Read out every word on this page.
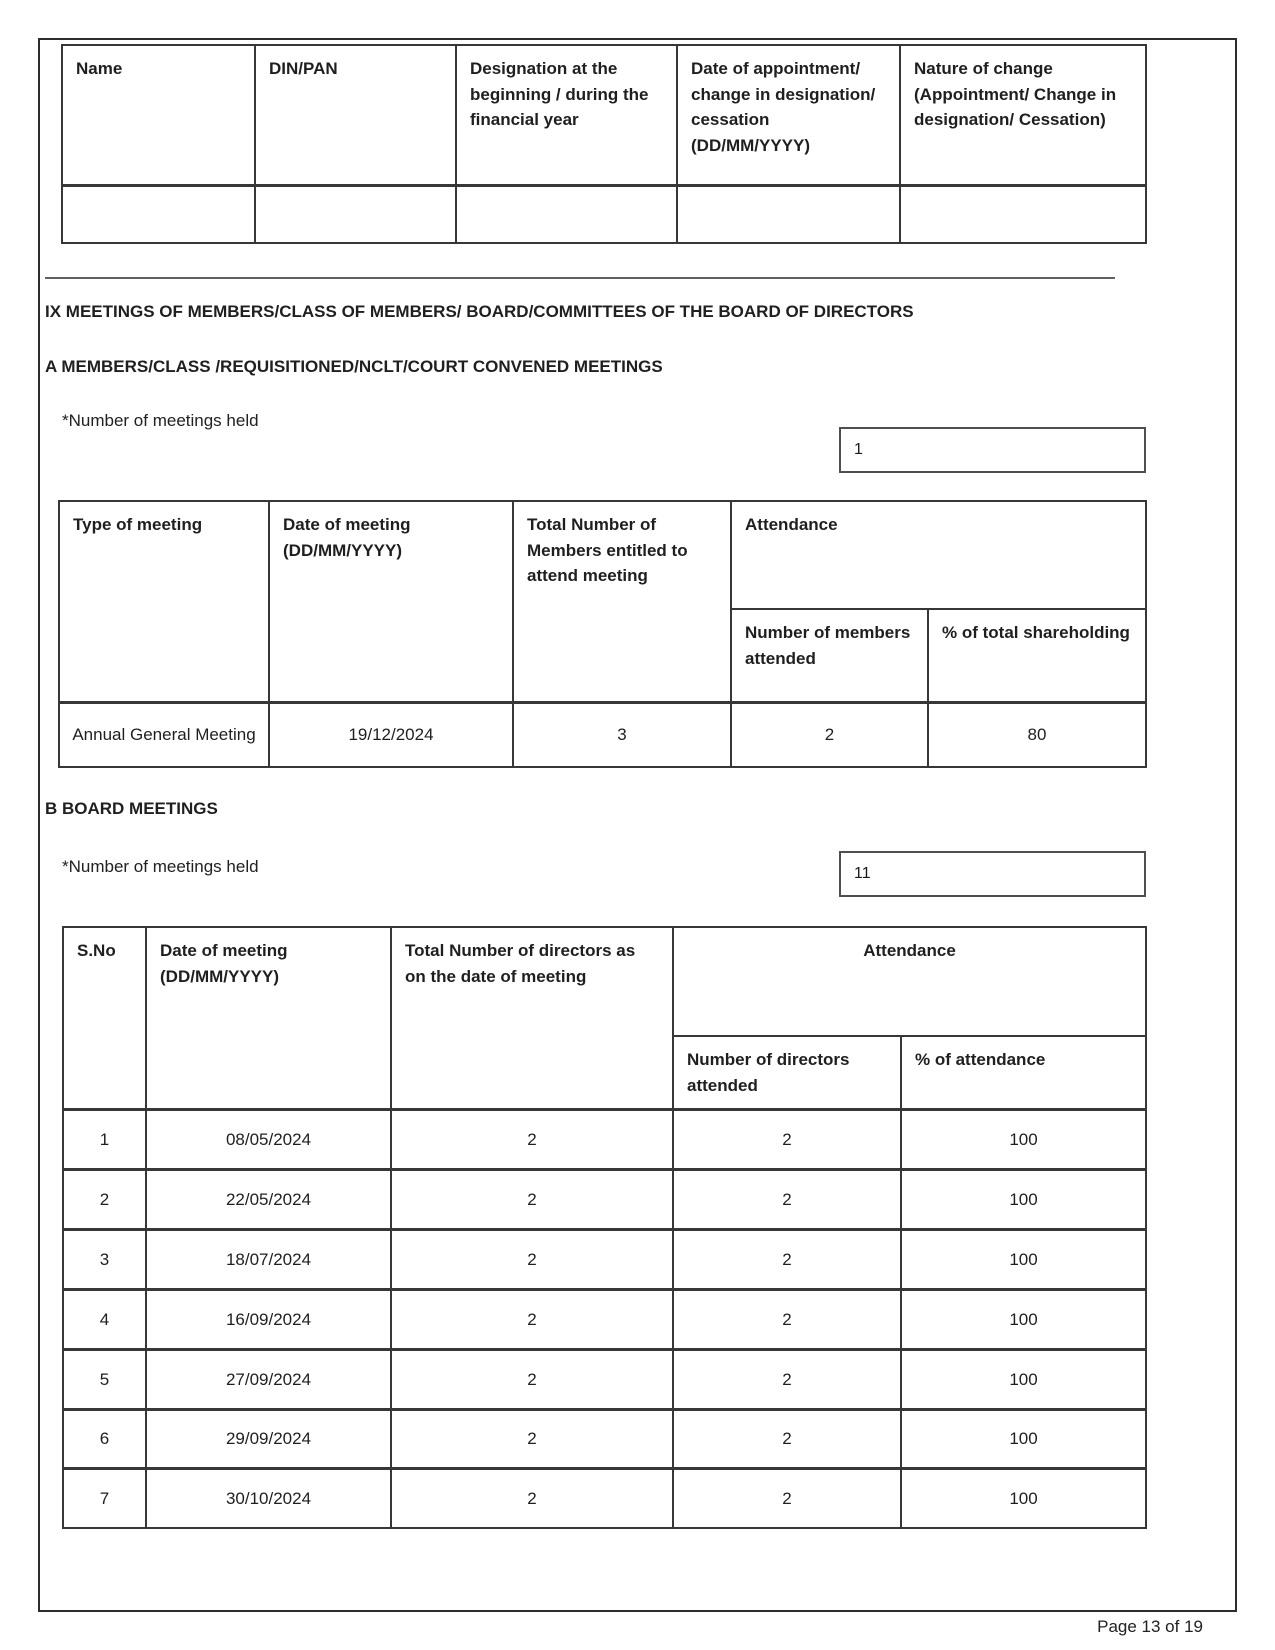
Name	DIN/PAN	Designation at the beginning / during the financial year	Date of appointment/ change in designation/ cessation (DD/MM/YYYY)	Nature of change (Appointment/ Change in designation/ Cessation)

IX MEETINGS OF MEMBERS/CLASS OF MEMBERS/ BOARD/COMMITTEES OF THE BOARD OF DIRECTORS
A MEMBERS/CLASS /REQUISITIONED/NCLT/COURT CONVENED MEETINGS
*Number of meetings held
1
Type of meeting	Date of meeting (DD/MM/YYYY)	Total Number of Members entitled to attend meeting	Attendance	
			Number of members attended	% of total shareholding
Annual General Meeting	19/12/2024	3	2	80
B BOARD MEETINGS
*Number of meetings held
11
S.No	Date of meeting (DD/MM/YYYY)	Total Number of directors as on the date of meeting	Attendance	
			Number of directors attended	% of attendance
1	08/05/2024	2	2	100
2	22/05/2024	2	2	100
3	18/07/2024	2	2	100
4	16/09/2024	2	2	100
5	27/09/2024	2	2	100
6	29/09/2024	2	2	100
7	30/10/2024	2	2	100
Page 13 of 19
